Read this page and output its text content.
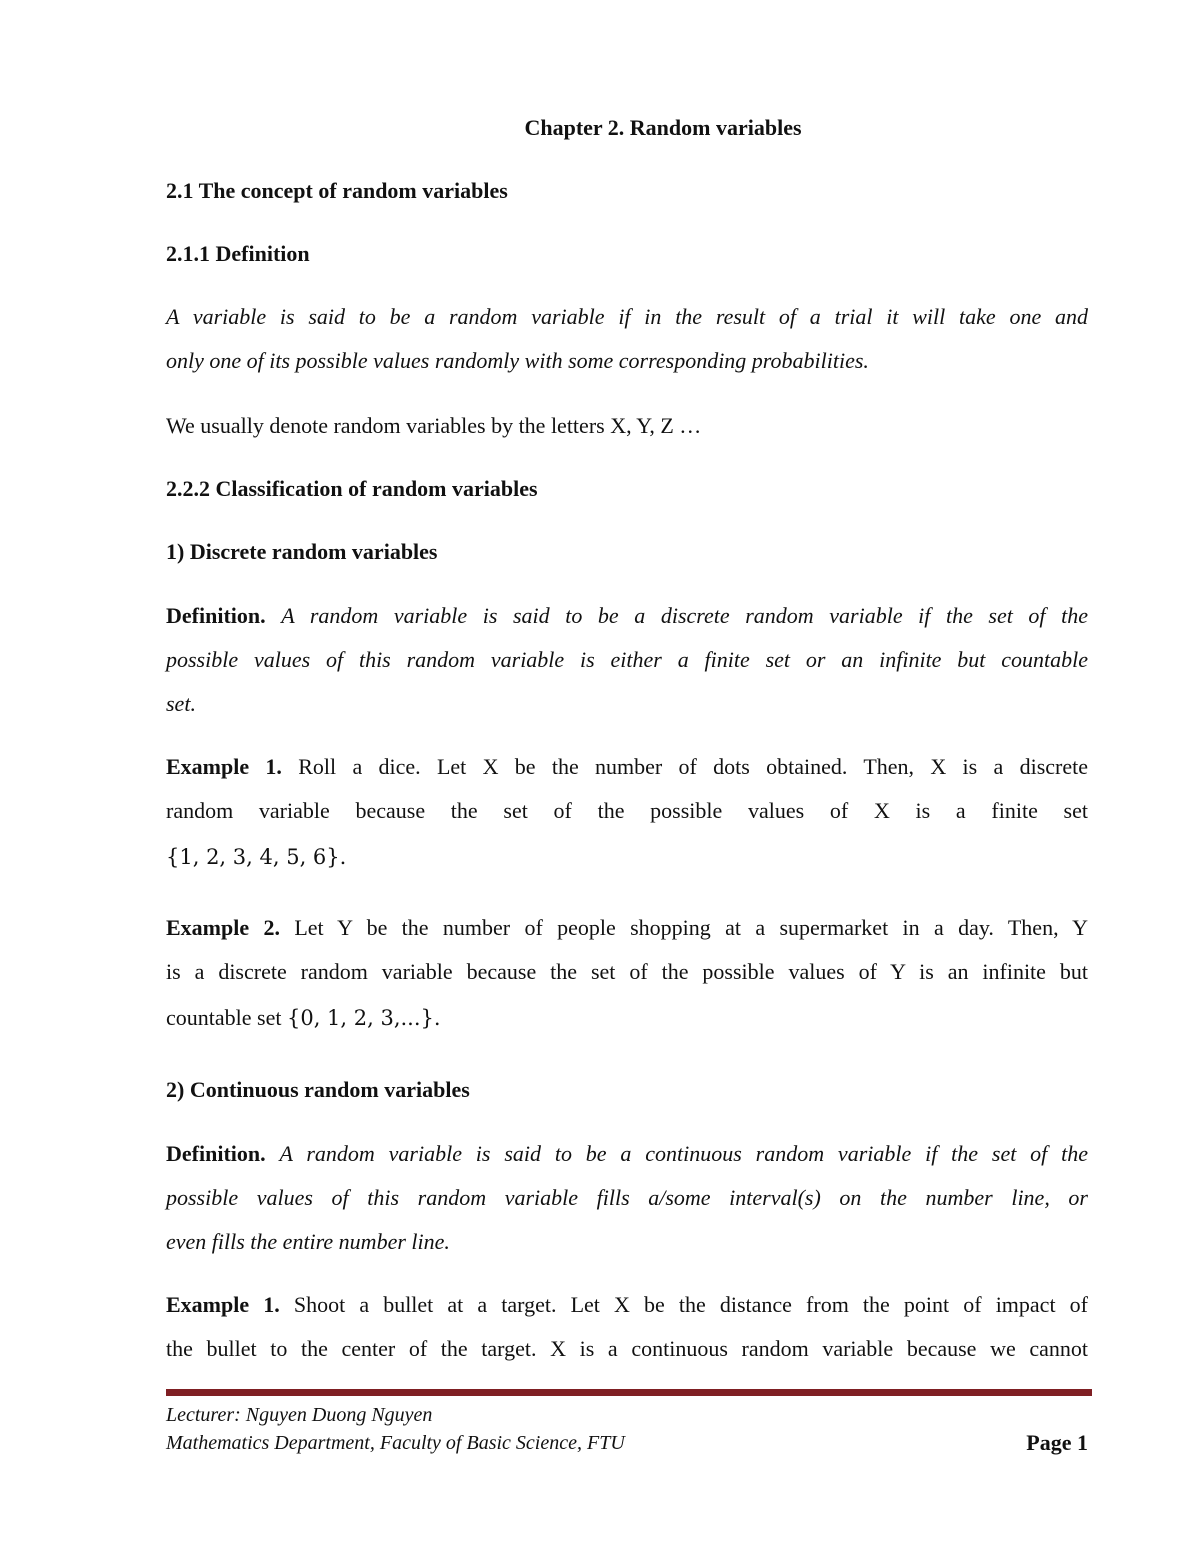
Chapter 2. Random variables

2.1 The concept of random variables

2.1.1 Definition

A variable is said to be a random variable if in the result of a trial it will take one and
only one of its possible values randomly with some corresponding probabilities.

We usually denote random variables by the letters X, Y, Z …

2.2.2 Classification of random variables

1) Discrete random variables

Definition. A random variable is said to be a discrete random variable if the set of the
possible values of this random variable is either a finite set or an infinite but countable
set.

Example 1. Roll a dice. Let X be the number of dots obtained. Then, X is a discrete
random variable because the set of the possible values of X is a finite set
{1, 2, 3, 4, 5, 6}.

Example 2. Let Y be the number of people shopping at a supermarket in a day. Then, Y
is a discrete random variable because the set of the possible values of Y is an infinite but
countable set {0, 1, 2, 3,...}.

2) Continuous random variables

Definition. A random variable is said to be a continuous random variable if the set of the
possible values of this random variable fills a/some interval(s) on the number line, or
even fills the entire number line.

Example 1. Shoot a bullet at a target. Let X be the distance from the point of impact of
the bullet to the center of the target. X is a continuous random variable because we cannot

Lecturer: Nguyen Duong Nguyen
Mathematics Department, Faculty of Basic Science, FTU	Page 1
